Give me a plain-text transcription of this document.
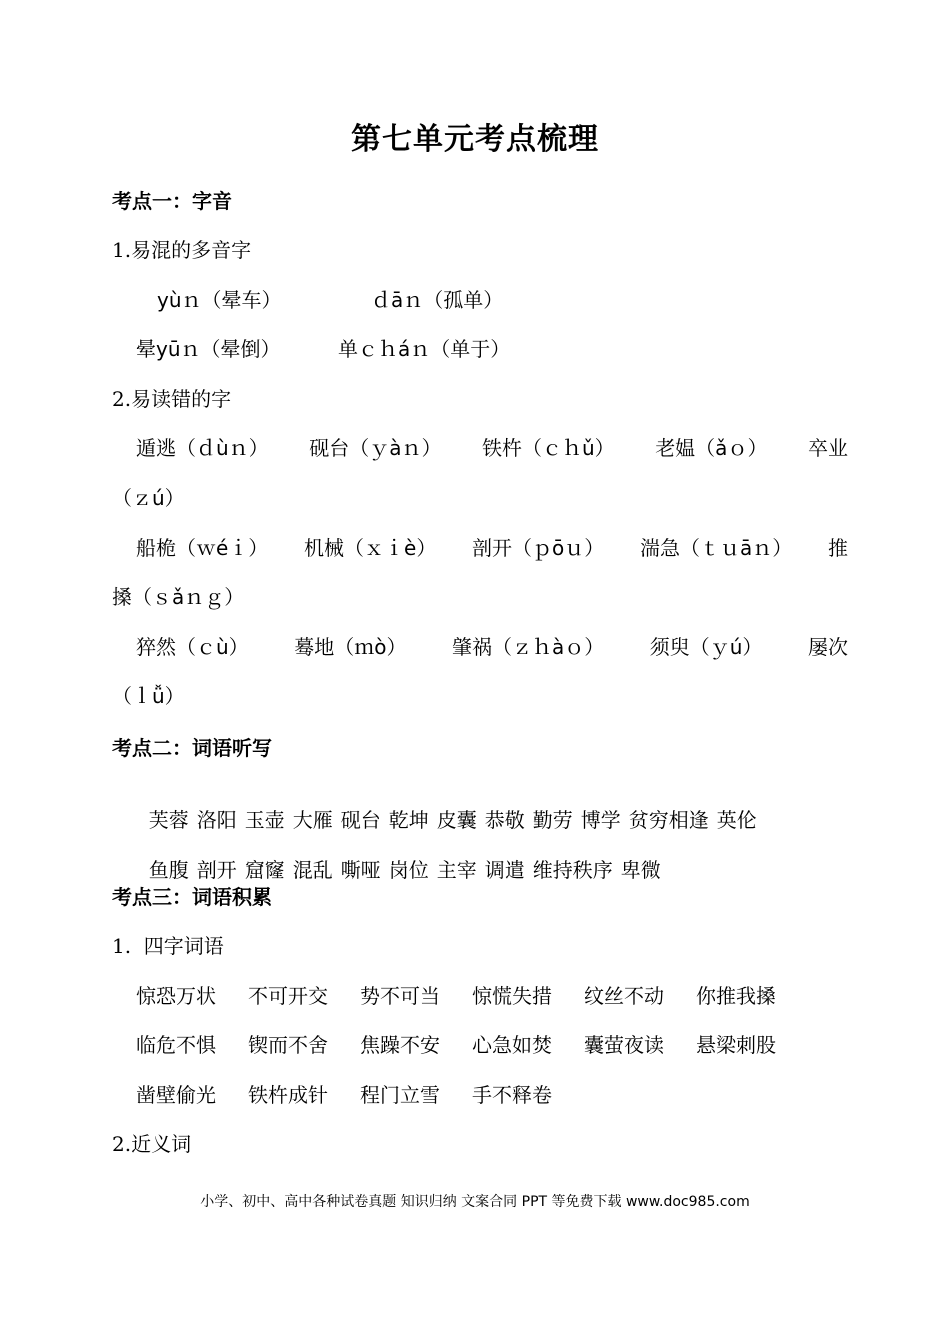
第七单元考点梳理
考点一：字音
1.易混的多音字
yùｎ（晕车）	ｄāｎ（孤单）
晕yūｎ（晕倒）	单ｃｈáｎ（单于）
2.易读错的字
遁逃（ｄùｎ） 砚台（ｙàｎ） 铁杵（ｃｈǔ） 老媪（ǎｏ） 卒业
（ｚú）
船桅（ｗéｉ） 机械（ｘｉè） 剖开（ｐōｕ） 湍急（ｔｕāｎ） 推
搡（ｓǎｎｇ）
猝然（ｃù） 蓦地（ｍò） 肇祸（ｚｈàｏ） 须臾（ｙú） 屡次
（ｌǚ）
考点二：词语听写

芙蓉 洛阳 玉壶 大雁 砚台 乾坤 皮囊 恭敬 勤劳 博学 贫穷相逢 英伦

鱼腹 剖开 窟窿 混乱 嘶哑 岗位 主宰 调遣 维持秩序 卑微

考点三：词语积累
1.  四字词语
惊恐万状	不可开交	势不可当	惊慌失措	纹丝不动	你推我搡
临危不惧	锲而不舍	焦躁不安	心急如焚	囊萤夜读	悬梁刺股
凿壁偷光	铁杵成针	程门立雪	手不释卷
2.近义词
小学、初中、高中各种试卷真题 知识归纳 文案合同 PPT 等免费下载 www.doc985.com
